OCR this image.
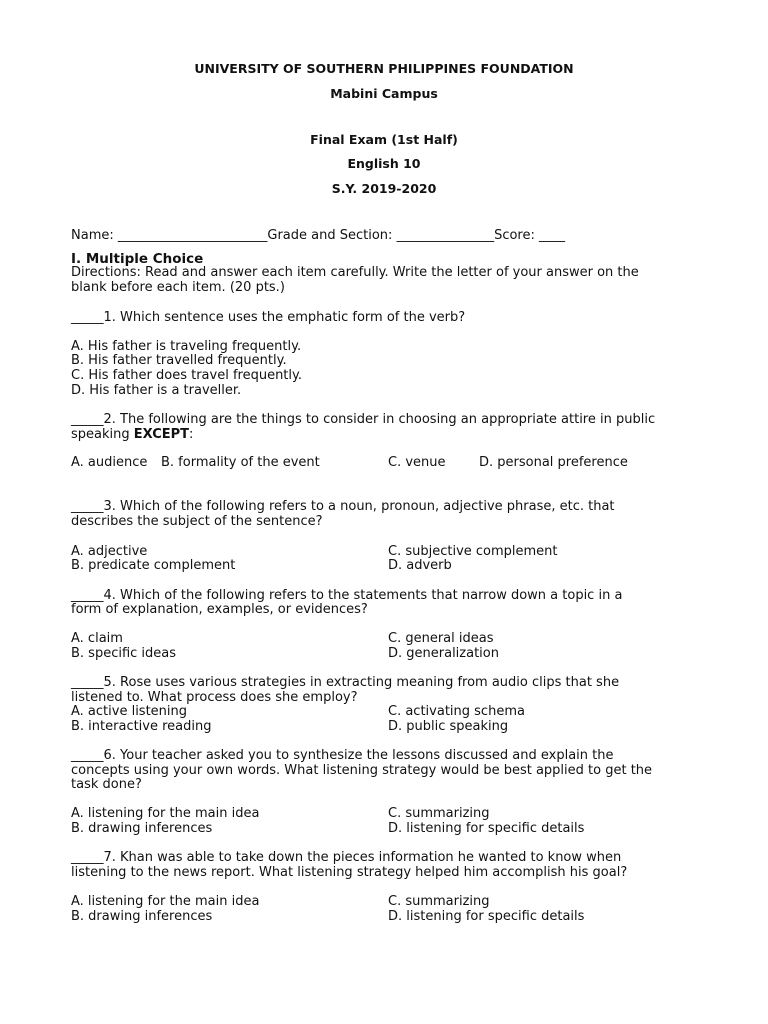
UNIVERSITY OF SOUTHERN PHILIPPINES FOUNDATION
Mabini Campus
Final Exam (1st Half)
English 10
S.Y. 2019-2020
Name: _______________________Grade and Section: _______________Score: ____
I. Multiple Choice
Directions: Read and answer each item carefully. Write the letter of your answer on the
blank before each item. (20 pts.)
_____1. Which sentence uses the emphatic form of the verb?
A. His father is traveling frequently.
B. His father travelled frequently.
C. His father does travel frequently.
D. His father is a traveller.
_____2. The following are the things to consider in choosing an appropriate attire in public
speaking EXCEPT:
A. audience B. formality of the event	C. venue	D. personal preference
_____3. Which of the following refers to a noun, pronoun, adjective phrase, etc. that
describes the subject of the sentence?
A. adjective
B. predicate complement
C. subjective complement
D. adverb
_____4. Which of the following refers to the statements that narrow down a topic in a
form of explanation, examples, or evidences?
A. claim
B. specific ideas
C. general ideas
D. generalization
_____5. Rose uses various strategies in extracting meaning from audio clips that she
listened to. What process does she employ?
A. active listening
B. interactive reading
C. activating schema
D. public speaking
_____6. Your teacher asked you to synthesize the lessons discussed and explain the
concepts using your own words. What listening strategy would be best applied to get the
task done?
A. listening for the main idea
B. drawing inferences
C. summarizing
D. listening for specific details
_____7. Khan was able to take down the pieces information he wanted to know when
listening to the news report. What listening strategy helped him accomplish his goal?
A. listening for the main idea
B. drawing inferences
C. summarizing
D. listening for specific details
